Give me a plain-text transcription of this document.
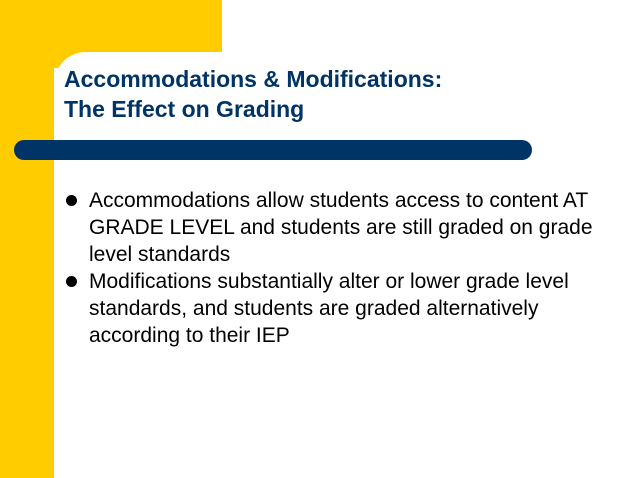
Accommodations & Modifications:
The Effect on Grading
Accommodations allow students access to content AT GRADE LEVEL and students are still graded on grade level standards
Modifications substantially alter or lower grade level standards, and students are graded alternatively according to their IEP
